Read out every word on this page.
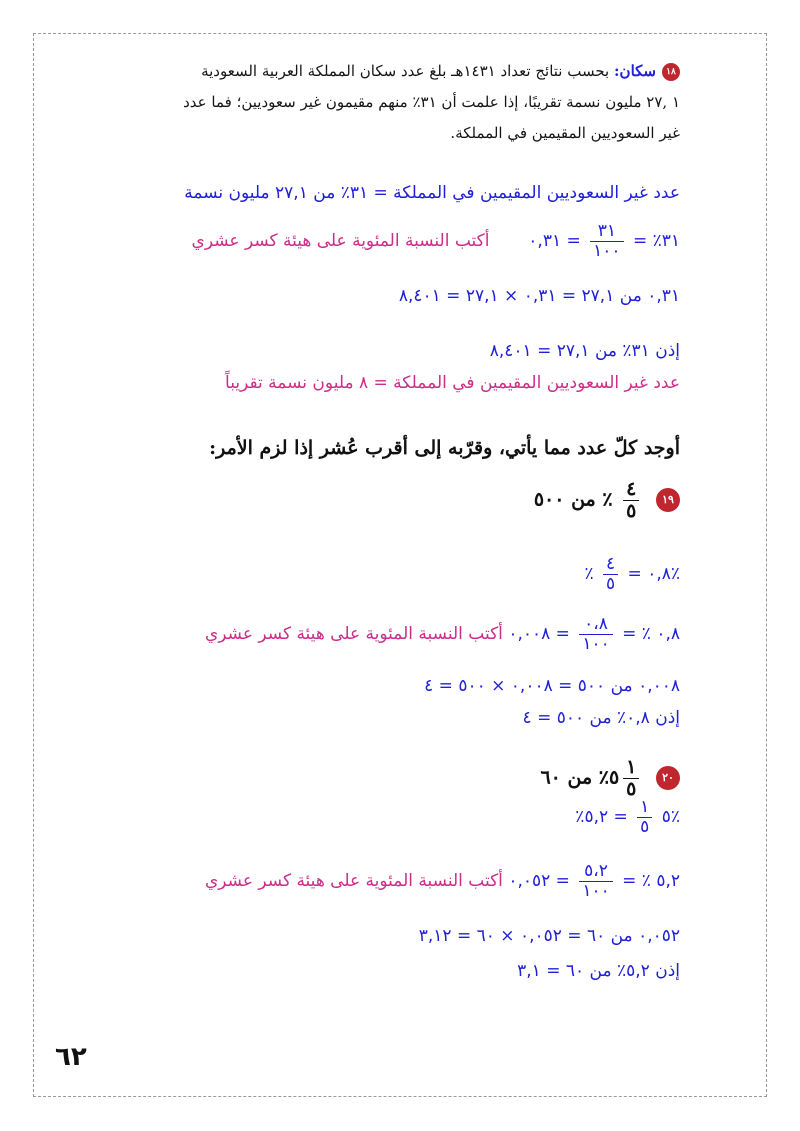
١٨سكان: بحسب نتائج تعداد ١٤٣١هـ بلغ عدد سكان المملكة العربية السعودية
١ ,٢٧ مليون نسمة تقريبًا، إذا علمت أن ٣١٪ منهم مقيمون غير سعوديين؛ فما عدد
غير السعوديين المقيمين في المملكة.
عدد غير السعوديين المقيمين في المملكة = ٣١٪ من ٢٧,١ مليون نسمة
٣١٪ =
$\frac{٣١}{١٠٠}$
= ٠,٣١  أكتب النسبة المئوية على هيئة كسر عشري
٠,٣١ من ٢٧,١ = ٠,٣١ × ٢٧,١ = ٨,٤٠١
إذن ٣١٪ من ٢٧,١ = ٨,٤٠١
عدد غير السعوديين المقيمين في المملكة = ٨ مليون نسمة تقريباً
أوجد كلّ عدد مما يأتي، وقرّبه إلى أقرب عُشر إذا لزم الأمر:
١٩
$\frac{٤}{٥}$
٪ من ٥٠٠
٪ $\frac{٤}{٥}$ = ٠,٨٪
٠,٨ ٪ =
$\frac{٠،٨}{١٠٠}$
= ٠,٠٠٨ أكتب النسبة المئوية على هيئة كسر عشري
٠,٠٠٨ من ٥٠٠ = ٠,٠٠٨ × ٥٠٠ = ٤
إذن ٠,٨٪ من ٥٠٠ = ٤
٢٠
$\frac{١}{٥}$
٥٪ من ٦٠
٪٥
$\frac{١}{٥}$
= ٥,٢٪
٥,٢ ٪ =
$\frac{٥،٢}{١٠٠}$
= ٠,٠٥٢ أكتب النسبة المئوية على هيئة كسر عشري
٠,٠٥٢ من ٦٠ = ٠,٠٥٢ × ٦٠ = ٣,١٢
إذن ٥,٢٪ من ٦٠ = ٣,١
٦٢
